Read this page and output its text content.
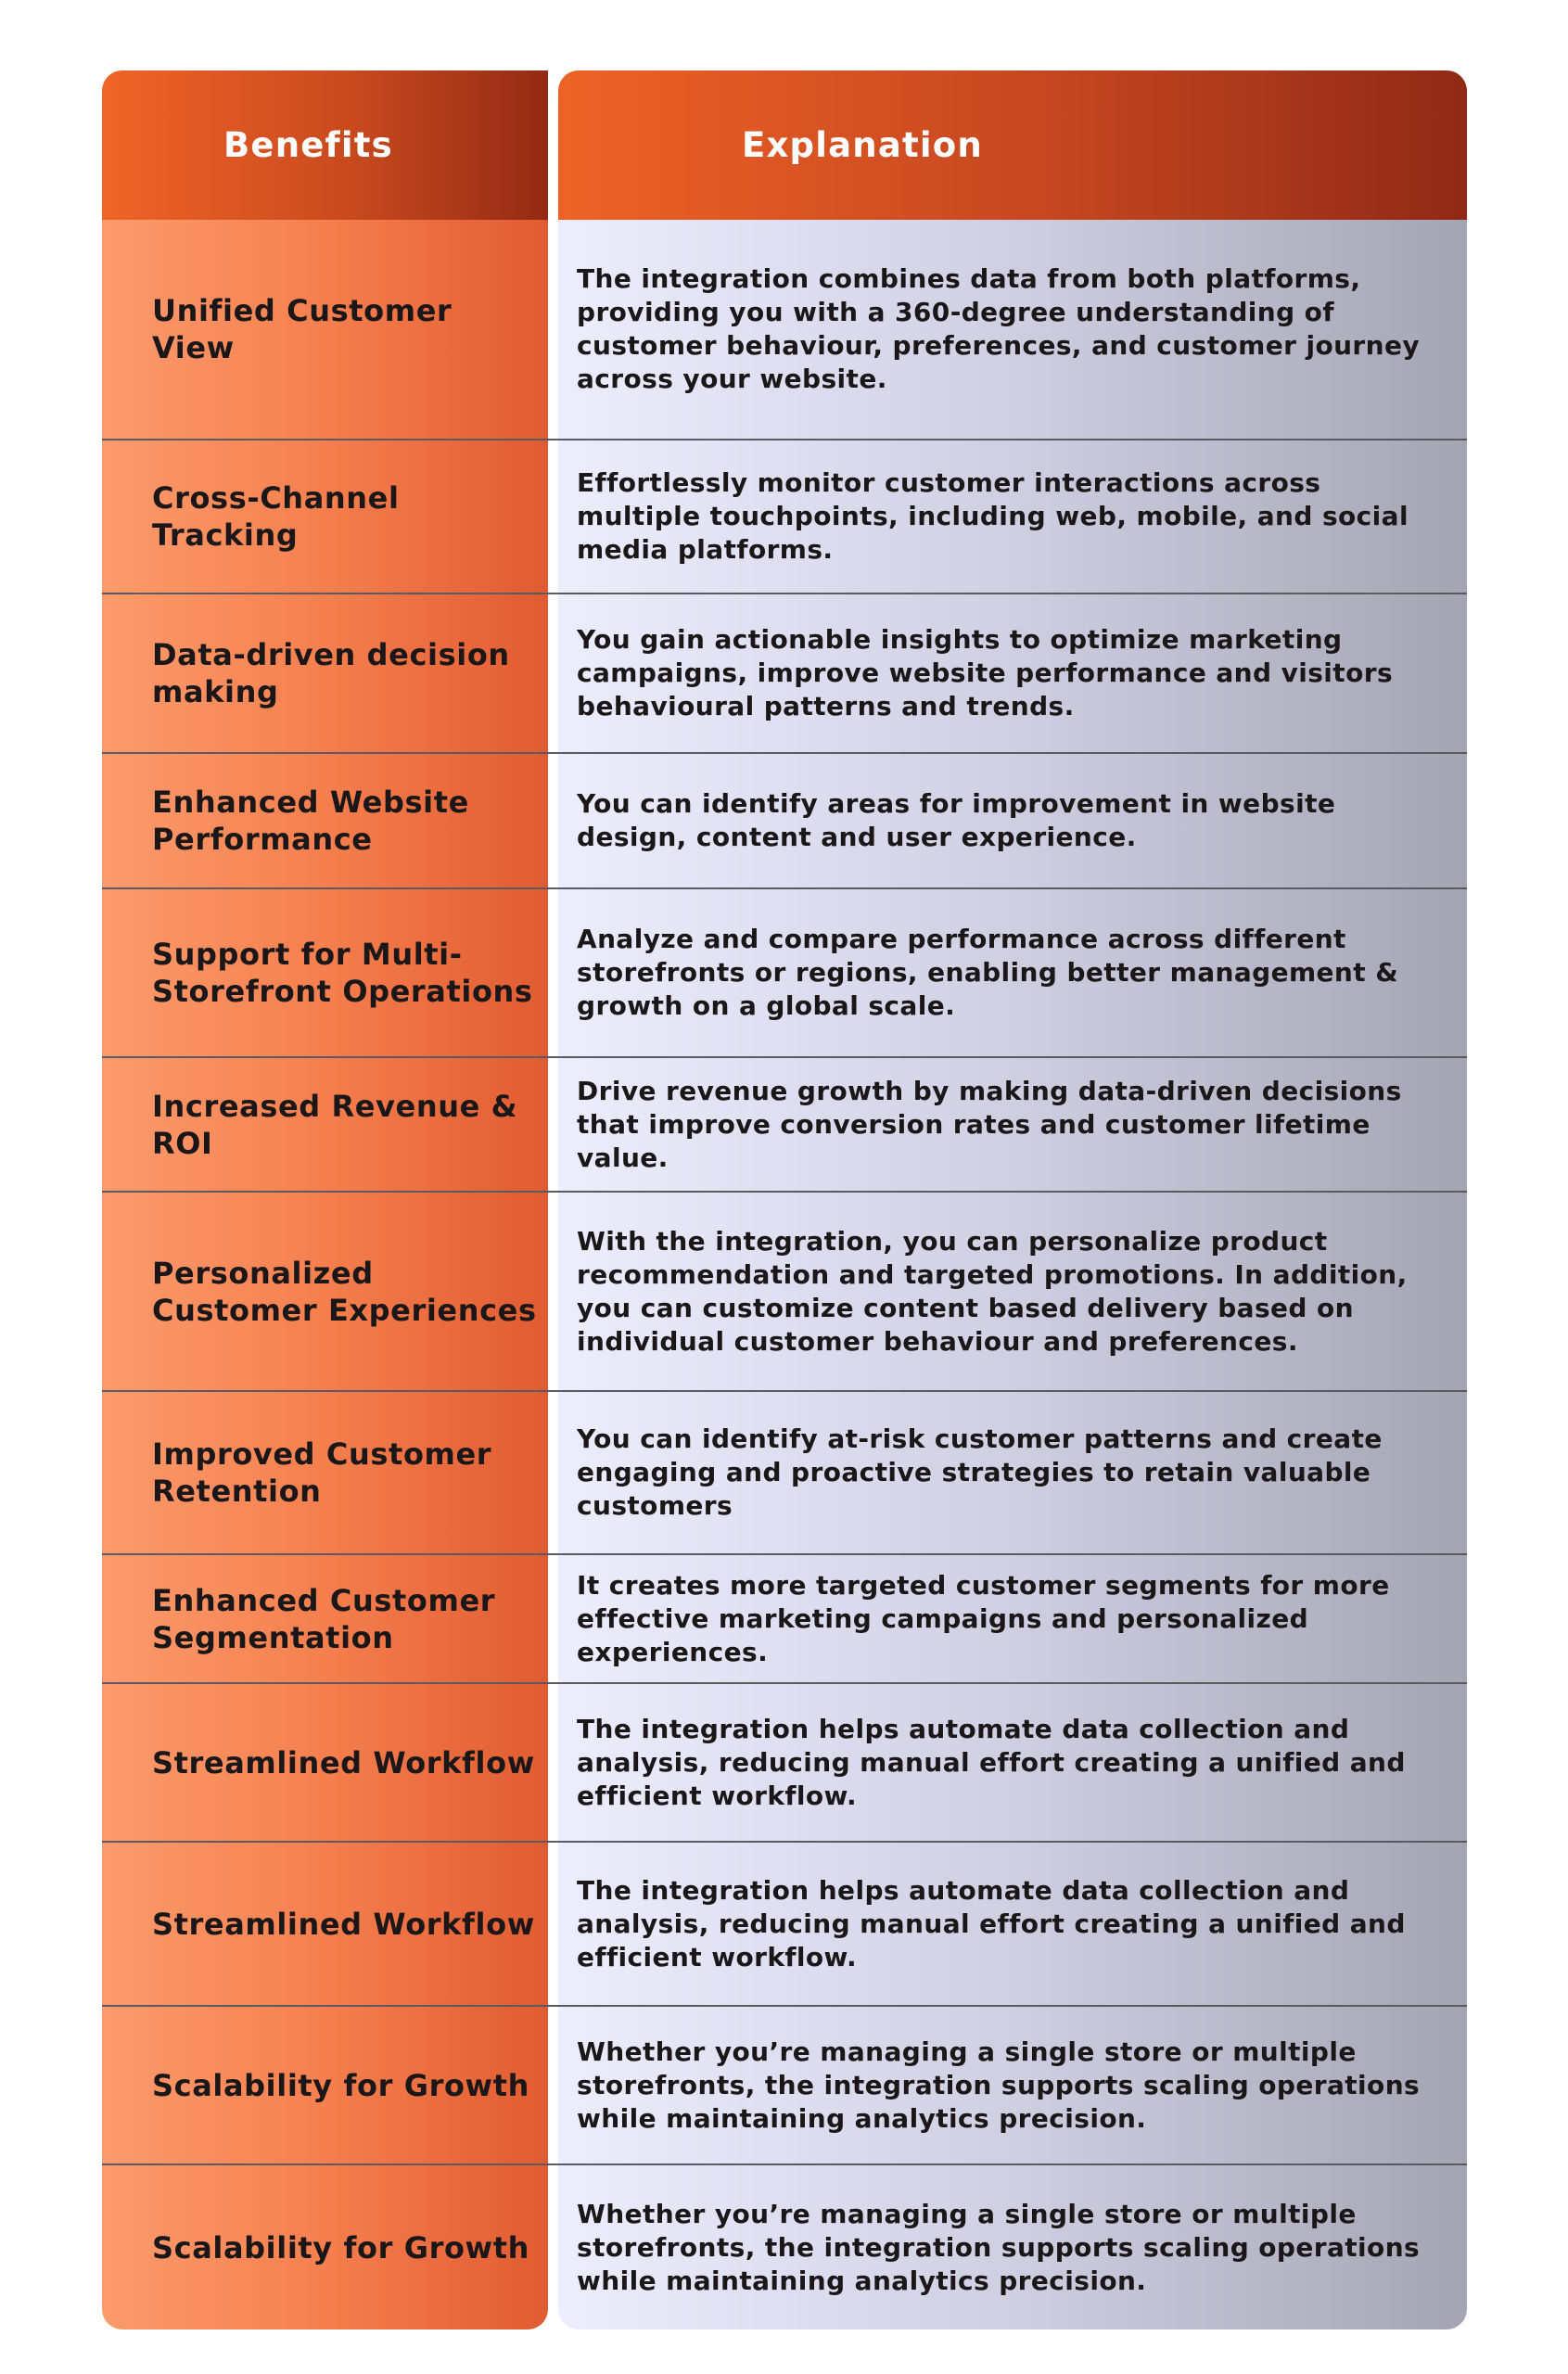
Benefits	Explanation
Unified Customer View
The integration combines data from both platforms, providing you with a 360-degree understanding of customer behaviour, preferences, and customer journey across your website.
Cross-Channel Tracking
Effortlessly monitor customer interactions across multiple touchpoints, including web, mobile, and social media platforms.
Data-driven decision making
You gain actionable insights to optimize marketing campaigns, improve website performance and visitors behavioural patterns and trends.
Enhanced Website Performance
You can identify areas for improvement in website design, content and user experience.
Support for Multi-Storefront Operations
Analyze and compare performance across different storefronts or regions, enabling better management & growth on a global scale.
Increased Revenue & ROI
Drive revenue growth by making data-driven decisions that improve conversion rates and customer lifetime value.
Personalized Customer Experiences
With the integration, you can personalize product recommendation and targeted promotions. In addition, you can customize content based delivery based on individual customer behaviour and preferences.
Improved Customer Retention
You can identify at-risk customer patterns and create engaging and proactive strategies to retain valuable customers
Enhanced Customer Segmentation
It creates more targeted customer segments for more effective marketing campaigns and personalized experiences.
Streamlined Workflow
The integration helps automate data collection and analysis, reducing manual effort creating a unified and efficient workflow.
Streamlined Workflow
The integration helps automate data collection and analysis, reducing manual effort creating a unified and efficient workflow.
Scalability for Growth
Whether you’re managing a single store or multiple storefronts, the integration supports scaling operations while maintaining analytics precision.
Scalability for Growth
Whether you’re managing a single store or multiple storefronts, the integration supports scaling operations while maintaining analytics precision.
